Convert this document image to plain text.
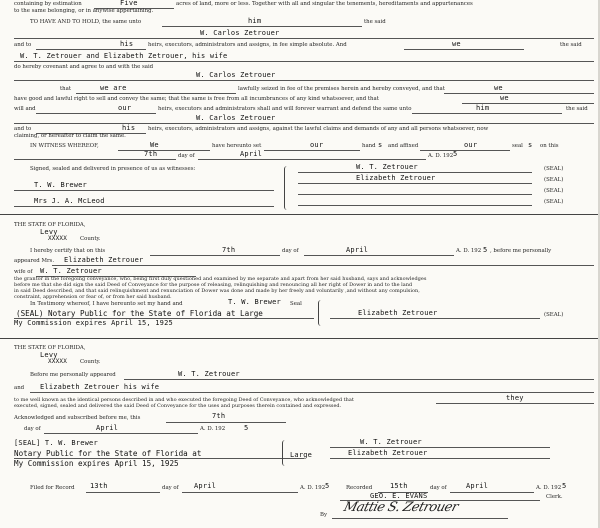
containing by estimation	Five	acres of land, more or less. Together with all and singular the tenements, hereditaments and appurtenances
to the same belonging, or in anywise appertaining.
TO HAVE AND TO HOLD, the same unto	him	the said
W. Carlos Zetrouer
and to	his	heirs, executors, administrators and assigns, in fee simple absolute. And	we	the said
W. T. Zetrouer and Elizabeth Zetrouer, his wife
do hereby covenant and agree to and with the said
W. Carlos Zetrouer
that	we are	lawfully seized in fee of the premises herein and hereby conveyed, and that	we
have good and lawful right to sell and convey the same; that the same is free from all incumbrances of any kind whatsoever, and that	we
will and	our	heirs, executors and administrators shall and will forever warrant and defend the same unto	him	the said
W. Carlos Zetrouer
and to	his heirs, executors, administrators and assigns, against the lawful claims and demands of any and all persons whatsoever, now
claiming, or hereafter to claim the same.
IN WITNESS WHEREOF,	We	have hereunto set	our	hand s and affixed	our	seal s on this
7th	day of	April	A. D. 192 5
Signed, sealed and delivered in presence of us as witnesses:
T. W. Brewer
Mrs J. A. McLeod
W. T. Zetrouer	(SEAL)
Elizabeth Zetrouer	(SEAL)
(SEAL)
(SEAL)
THE STATE OF FLORIDA,
Levy
XXXXX County.
I hereby certify that on this	7th	day of	April	A. D. 192 5 , before me personally
appeared Mrs. Elizabeth Zetrouer
wife of W. T. Zetrouer
the grantor in the foregoing conveyance, who, being first duly questioned and examined by me separate and apart from her said husband, says and acknowledges
before me that she did sign the said Deed of Conveyance for the purpose of releasing, relinquishing and renouncing all her right of Dower in and to the land
in said Deed described, and that said relinquishment and renunciation of Dower was done and made by her freely and voluntarily ,and without any compulsion,
constraint, apprehension or fear of, or from her said husband.
In Testimony whereof, I have hereunto set my hand and	T. W. Brewer Seal
(SEAL) Notary Public for the State of Florida at Large
My Commission expires April 15, 1925
Elizabeth Zetrouer	(SEAL)
THE STATE OF FLORIDA,
Levy
XXXXX County.
Before me personally appeared	W. T. Zetrouer
and Elizabeth Zetrouer his wife
to me well known as the identical persons described in and who executed the foregoing Deed of Conveyance, who acknowledged that	they
executed, signed, sealed and delivered the said Deed of Conveyance for the uses and purposes therein contained and expressed.
Acknowledged and subscribed before me, this	7th
day of	April	A. D. 192	5
[SEAL] T. W. Brewer
Notary Public for the State of Florida at	Large
My Commission expires April 15, 1925
W. T. Zetrouer
Elizabeth Zetrouer
Filed for Record 13th	day of April	A. D. 192 5	Recorded	15th	day of	April	A. D. 192 5
GEO. E. EVANS	Clerk.
By Mattie S. Zetrouer
